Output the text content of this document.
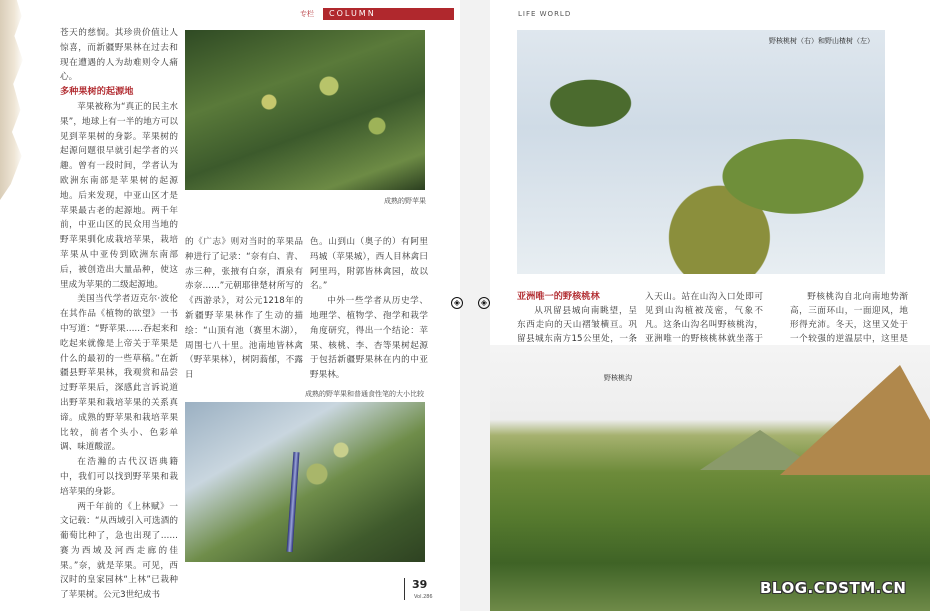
专栏	COLUMN

苍天的慈悯。其珍贵价值让人惊喜，而新疆野果林在过去和现在遭遇的人为劫难则令人痛心。

多种果树的起源地

苹果被称为“真正的民主水果”，地球上有一半的地方可以见到苹果树的身影。苹果树的起源问题很早就引起学者的兴趣。曾有一段时间，学者认为欧洲东南部是苹果树的起源地。后来发现，中亚山区才是苹果最古老的起源地。两千年前，中亚山区的民众用当地的野苹果驯化成栽培苹果，栽培苹果从中亚传到欧洲东南部后，被创造出大量品种，使这里成为苹果的二级起源地。

美国当代学者迈克尔·波伦在其作品《植物的欲望》一书中写道：“野苹果……吞起来和吃起来就像是上帝关于苹果是什么的最初的一些草稿。”在新疆县野苹果林，我观赏和品尝过野苹果后，深感此言诉说道出野苹果和栽培苹果的关系真谛。成熟的野苹果和栽培苹果比较，前者个头小、色彩单调、味道酸涩。

在浩瀚的古代汉语典籍中，我们可以找到野苹果和栽培苹果的身影。

两千年前的《上林赋》一文记载：“从西域引入可选酒的葡萄比种了，急也出现了……赛为西域及河西走廊的佳果。”奈，就是苹果。可见，西汉时的皇家园林“上林”已栽种了苹果树。公元3世纪成书

成熟的野苹果

的《广志》则对当时的苹果品种进行了记录：“奈有白、青、赤三种，张掖有白奈，酒泉有赤奈……”元朝耶律楚材所写的《西游录》，对公元1218年的新疆野苹果林作了生动的描绘：“山顶有池（赛里木湖），周围七八十里。池南地皆林禽（野苹果林），树阴蓊郁，不露日

色。山到山（奥子的）有阿里玛城（苹果城），西人目林禽曰阿里玛，附郭皆林禽园，故以名。”

中外一些学者从历史学、地理学、植物学、孢学和栽学角度研究，得出一个结论：苹果、核桃、李、杏等果树起源于包括新疆野果林在内的中亚野果林。

成熟的野苹果和普通食性笔的大小比较
39
Vol.286
◈	◈
LIFE WORLD
野核桃树（右）和野山楂树（左）

亚洲唯一的野核桃林

从巩留县城向南眺望，呈东西走向的天山褶皱横亘。巩留县城东南方15公里处，一条

入天山。站在山沟入口处即可见到山沟植被茂密，气象不凡。这条山沟名叫野核桃沟，亚洲唯一的野核桃林就坐落于

野核桃沟自北向南地势渐高，三面环山，一面迎风，地形得充沛。冬天，这里又处于一个较强的逆温层中，这里是

野核桃沟
BLOG.CDSTM.CN
